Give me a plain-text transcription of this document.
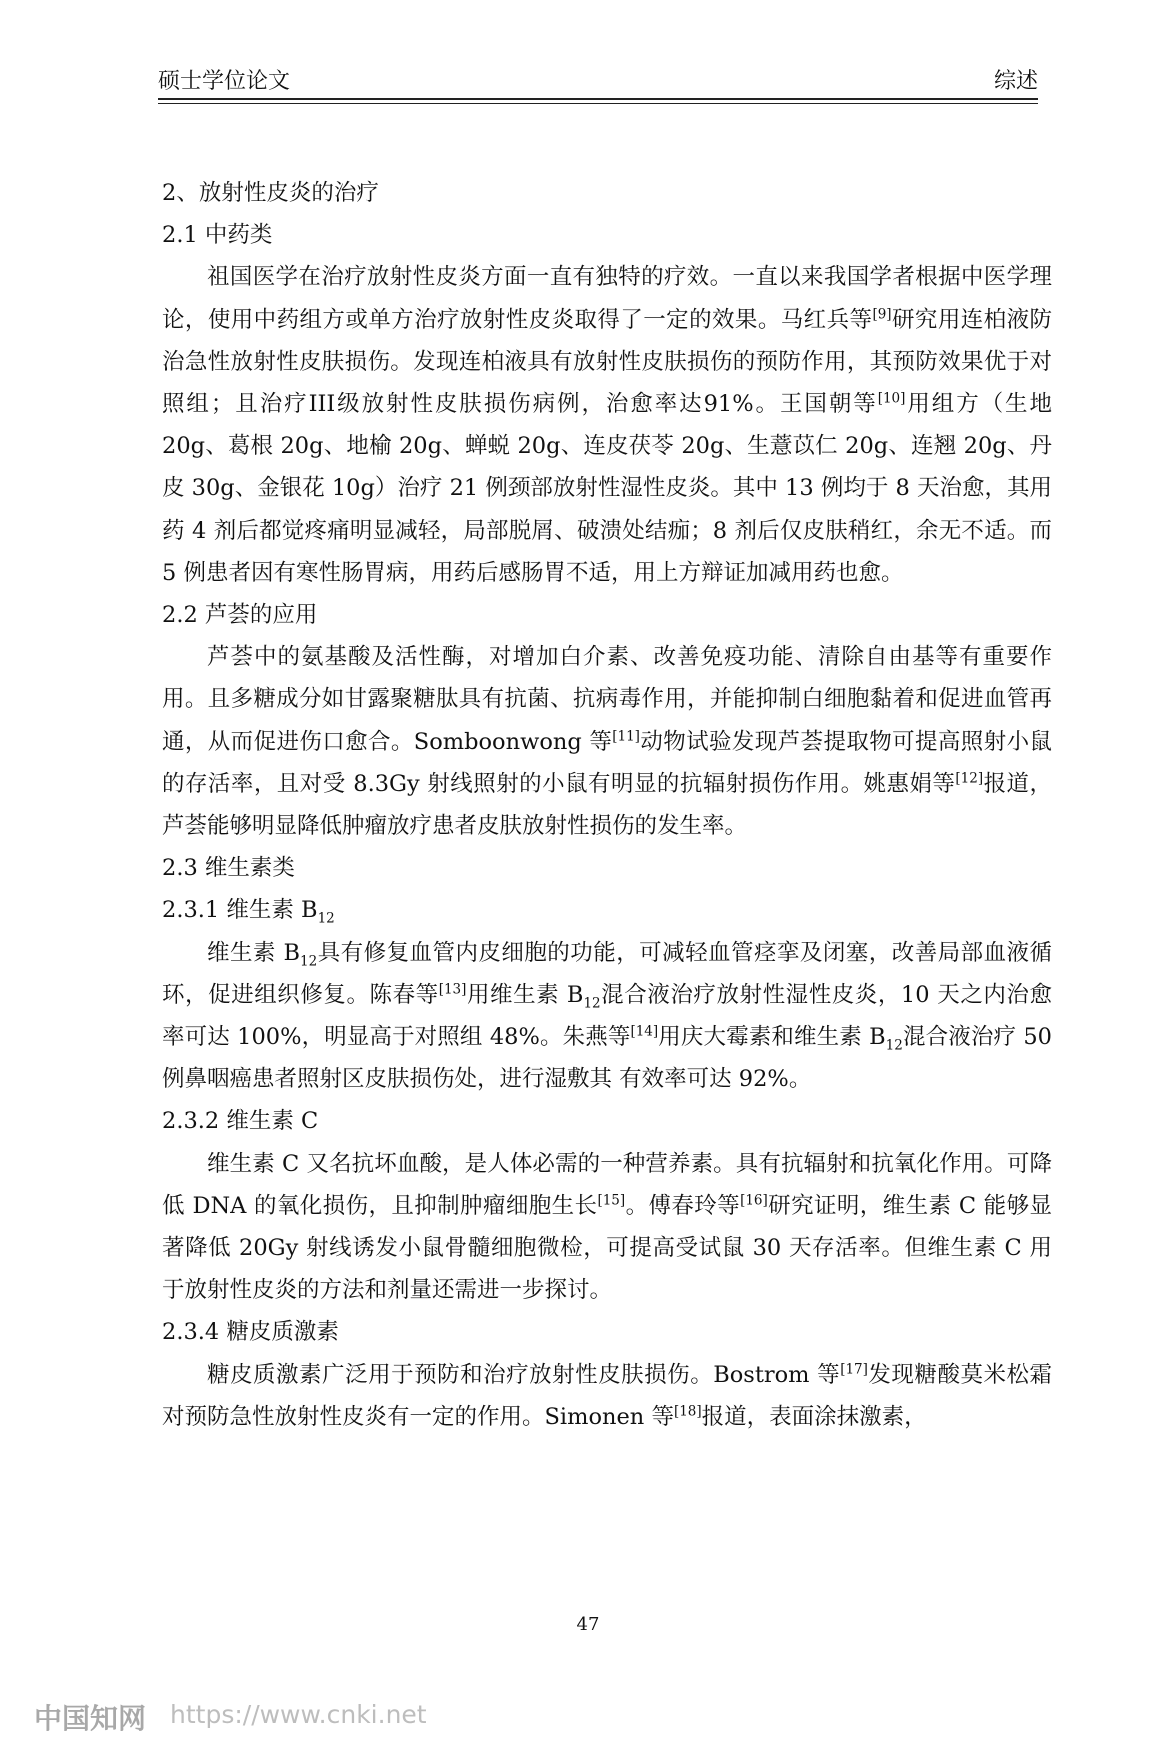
硕士学位论文	综述
2、放射性皮炎的治疗
2.1 中药类

祖国医学在治疗放射性皮炎方面一直有独特的疗效。一直以来我国学者根据中医学理论，使用中药组方或单方治疗放射性皮炎取得了一定的效果。马红兵等[9]研究用连柏液防治急性放射性皮肤损伤。发现连柏液具有放射性皮肤损伤的预防作用，其预防效果优于对照组；且治疗III级放射性皮肤损伤病例，治愈率达91%。王国朝等[10]用组方（生地 20g、葛根 20g、地榆 20g、蝉蜕 20g、连皮茯苓 20g、生薏苡仁 20g、连翘 20g、丹皮 30g、金银花 10g）治疗 21 例颈部放射性湿性皮炎。其中 13 例均于 8 天治愈，其用药 4 剂后都觉疼痛明显减轻，局部脱屑、破溃处结痂；8 剂后仅皮肤稍红，余无不适。而 5 例患者因有寒性肠胃病，用药后感肠胃不适，用上方辩证加减用药也愈。

2.2 芦荟的应用

芦荟中的氨基酸及活性酶，对增加白介素、改善免疫功能、清除自由基等有重要作用。且多糖成分如甘露聚糖肽具有抗菌、抗病毒作用，并能抑制白细胞黏着和促进血管再通，从而促进伤口愈合。Somboonwong 等[11]动物试验发现芦荟提取物可提高照射小鼠的存活率，且对受 8.3Gy 射线照射的小鼠有明显的抗辐射损伤作用。姚惠娟等[12]报道，芦荟能够明显降低肿瘤放疗患者皮肤放射性损伤的发生率。

2.3 维生素类
2.3.1 维生素 $B_{12}$

维生素 $B_{12}$具有修复血管内皮细胞的功能，可减轻血管痉挛及闭塞，改善局部血液循环，促进组织修复。陈春等[13]用维生素 $B_{12}$混合液治疗放射性湿性皮炎，10 天之内治愈率可达 100%，明显高于对照组 48%。朱燕等[14]用庆大霉素和维生素 $B_{12}$混合液治疗 50 例鼻咽癌患者照射区皮肤损伤处，进行湿敷其 有效率可达 92%。

2.3.2 维生素 C

维生素 C 又名抗坏血酸，是人体必需的一种营养素。具有抗辐射和抗氧化作用。可降低 DNA 的氧化损伤，且抑制肿瘤细胞生长[15]。傅春玲等[16]研究证明，维生素 C 能够显著降低 20Gy 射线诱发小鼠骨髓细胞微检，可提高受试鼠 30 天存活率。但维生素 C 用于放射性皮炎的方法和剂量还需进一步探讨。

2.3.4 糖皮质激素

糖皮质激素广泛用于预防和治疗放射性皮肤损伤。Bostrom 等[17]发现糖酸莫米松霜对预防急性放射性皮炎有一定的作用。Simonen 等[18]报道，表面涂抹激素，

47
中国知网 https://www.cnki.net
